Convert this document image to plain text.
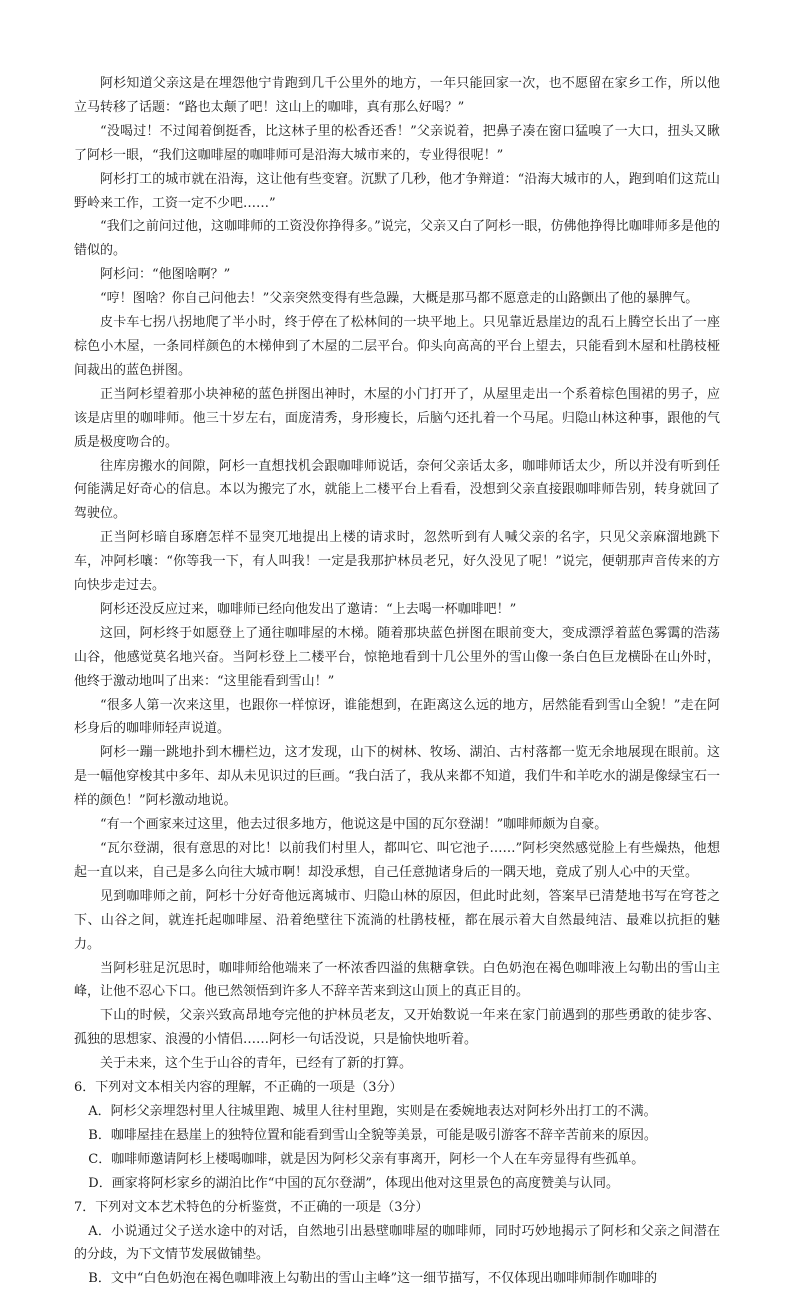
阿杉知道父亲这是在埋怨他宁肯跑到几千公里外的地方，一年只能回家一次，也不愿留在家乡工作，所以他立马转移了话题：“路也太颠了吧！这山上的咖啡，真有那么好喝？”

“没喝过！不过闻着倒挺香，比这林子里的松香还香！”父亲说着，把鼻子凑在窗口猛嗅了一大口，扭头又瞅了阿杉一眼，“我们这咖啡屋的咖啡师可是沿海大城市来的，专业得很呢！”

阿杉打工的城市就在沿海，这让他有些变窘。沉默了几秒，他才争辩道：“沿海大城市的人，跑到咱们这荒山野岭来工作，工资一定不少吧……”

“我们之前问过他，这咖啡师的工资没你挣得多。”说完，父亲又白了阿杉一眼，仿佛他挣得比咖啡师多是他的错似的。

阿杉问：“他图啥啊？”

“哼！图啥？你自己问他去！”父亲突然变得有些急躁，大概是那马都不愿意走的山路颤出了他的暴脾气。

皮卡车七拐八拐地爬了半小时，终于停在了松林间的一块平地上。只见靠近悬崖边的乱石上腾空长出了一座棕色小木屋，一条同样颜色的木梯伸到了木屋的二层平台。仰头向高高的平台上望去，只能看到木屋和杜鹃枝桠间裁出的蓝色拼图。

正当阿杉望着那小块神秘的蓝色拼图出神时，木屋的小门打开了，从屋里走出一个系着棕色围裙的男子，应该是店里的咖啡师。他三十岁左右，面庞清秀，身形瘦长，后脑勺还扎着一个马尾。归隐山林这种事，跟他的气质是极度吻合的。

往库房搬水的间隙，阿杉一直想找机会跟咖啡师说话，奈何父亲话太多，咖啡师话太少，所以并没有听到任何能满足好奇心的信息。本以为搬完了水，就能上二楼平台上看看，没想到父亲直接跟咖啡师告别，转身就回了驾驶位。

正当阿杉暗自琢磨怎样不显突兀地提出上楼的请求时，忽然听到有人喊父亲的名字，只见父亲麻溜地跳下车，冲阿杉嚷：“你等我一下，有人叫我！一定是我那护林员老兄，好久没见了呢！”说完，便朝那声音传来的方向快步走过去。

阿杉还没反应过来，咖啡师已经向他发出了邀请：“上去喝一杯咖啡吧！”

这回，阿杉终于如愿登上了通往咖啡屋的木梯。随着那块蓝色拼图在眼前变大，变成漂浮着蓝色雾霭的浩荡山谷，他感觉莫名地兴奋。当阿杉登上二楼平台，惊艳地看到十几公里外的雪山像一条白色巨龙横卧在山外时，他终于激动地叫了出来：“这里能看到雪山！”

“很多人第一次来这里，也跟你一样惊讶，谁能想到，在距离这么远的地方，居然能看到雪山全貌！”走在阿杉身后的咖啡师轻声说道。

阿杉一蹦一跳地扑到木栅栏边，这才发现，山下的树林、牧场、湖泊、古村落都一览无余地展现在眼前。这是一幅他穿梭其中多年、却从未见识过的巨画。“我白活了，我从来都不知道，我们牛和羊吃水的湖是像绿宝石一样的颜色！”阿杉激动地说。

“有一个画家来过这里，他去过很多地方，他说这是中国的瓦尔登湖！”咖啡师颇为自豪。

“瓦尔登湖，很有意思的对比！以前我们村里人，都叫它、叫它池子……”阿杉突然感觉脸上有些燥热，他想起一直以来，自己是多么向往大城市啊！却没承想，自己任意抛诸身后的一隅天地，竟成了别人心中的天堂。

见到咖啡师之前，阿杉十分好奇他远离城市、归隐山林的原因，但此时此刻，答案早已清楚地书写在穹苍之下、山谷之间，就连托起咖啡屋、沿着绝壁往下流淌的杜鹃枝桠，都在展示着大自然最纯洁、最难以抗拒的魅力。

当阿杉驻足沉思时，咖啡师给他端来了一杯浓香四溢的焦糖拿铁。白色奶泡在褐色咖啡液上勾勒出的雪山主峰，让他不忍心下口。他已然领悟到许多人不辞辛苦来到这山顶上的真正目的。

下山的时候，父亲兴致高昂地夸完他的护林员老友，又开始数说一年来在家门前遇到的那些勇敢的徒步客、孤独的思想家、浪漫的小情侣……阿杉一句话没说，只是愉快地听着。

关于未来，这个生于山谷的青年，已经有了新的打算。

6．下列对文本相关内容的理解，不正确的一项是（3分）

A．阿杉父亲埋怨村里人往城里跑、城里人往村里跑，实则是在委婉地表达对阿杉外出打工的不满。

B．咖啡屋挂在悬崖上的独特位置和能看到雪山全貌等美景，可能是吸引游客不辞辛苦前来的原因。

C．咖啡师邀请阿杉上楼喝咖啡，就是因为阿杉父亲有事离开，阿杉一个人在车旁显得有些孤单。

D．画家将阿杉家乡的湖泊比作“中国的瓦尔登湖”，体现出他对这里景色的高度赞美与认同。

7．下列对文本艺术特色的分析鉴赏，不正确的一项是（3分）

A．小说通过父子送水途中的对话，自然地引出悬壁咖啡屋的咖啡师，同时巧妙地揭示了阿杉和父亲之间潜在的分歧，为下文情节发展做铺垫。

B．文中“白色奶泡在褐色咖啡液上勾勒出的雪山主峰”这一细节描写，不仅体现出咖啡师制作咖啡的
